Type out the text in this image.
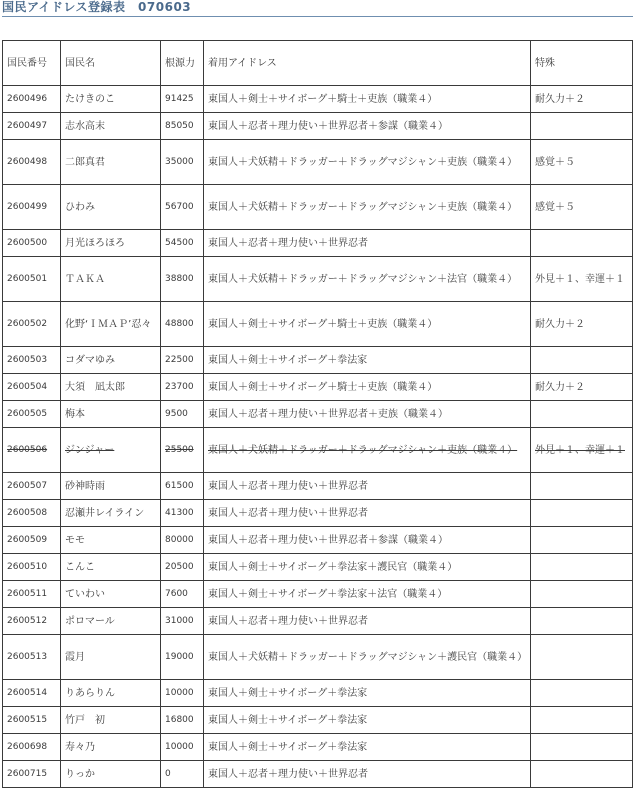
国民アイドレス登録表　070603
国民番号	国民名	根源力	着用アイドレス	特殊
2600496	たけきのこ	91425	東国人＋剣士＋サイボーグ＋騎士＋吏族（職業４）	耐久力＋２
2600497	志水高末	85050	東国人＋忍者＋理力使い＋世界忍者＋参謀（職業４）	
2600498	二郎真君	35000	東国人＋犬妖精＋ドラッガー＋ドラッグマジシャン＋吏族（職業４）	感覚＋５
2600499	ひわみ	56700	東国人＋犬妖精＋ドラッガー＋ドラッグマジシャン＋吏族（職業４）	感覚＋５
2600500	月光ほろほろ	54500	東国人＋忍者＋理力使い＋世界忍者	
2600501	ＴＡＫＡ	38800	東国人＋犬妖精＋ドラッガー＋ドラッグマジシャン＋法官（職業４）	外見＋１、幸運＋１
2600502	化野‘ＩＭＡＰ’忍々	48800	東国人＋剣士＋サイボーグ＋騎士＋吏族（職業４）	耐久力＋２
2600503	コダマゆみ	22500	東国人＋剣士＋サイボーグ＋拳法家	
2600504	大須　凪太郎	23700	東国人＋剣士＋サイボーグ＋騎士＋吏族（職業４）	耐久力＋２
2600505	梅本	9500	東国人＋忍者＋理力使い＋世界忍者＋吏族（職業４）	
2600506	ジンジャー	25500	東国人＋犬妖精＋ドラッガー＋ドラッグマジシャン＋吏族（職業４）	外見＋１、幸運＋１
2600507	砂神時雨	61500	東国人＋忍者＋理力使い＋世界忍者	
2600508	忍瀬井レイライン	41300	東国人＋忍者＋理力使い＋世界忍者	
2600509	モモ	80000	東国人＋忍者＋理力使い＋世界忍者＋参謀（職業４）	
2600510	こんこ	20500	東国人＋剣士＋サイボーグ＋拳法家＋護民官（職業４）	
2600511	ていわい	7600	東国人＋剣士＋サイボーグ＋拳法家＋法官（職業４）	
2600512	ポロマール	31000	東国人＋忍者＋理力使い＋世界忍者	
2600513	霞月	19000	東国人＋犬妖精＋ドラッガー＋ドラッグマジシャン＋護民官（職業４）	
2600514	りあらりん	10000	東国人＋剣士＋サイボーグ＋拳法家	
2600515	竹戸　初	16800	東国人＋剣士＋サイボーグ＋拳法家	
2600698	寿々乃	10000	東国人＋剣士＋サイボーグ＋拳法家	
2600715	りっか	0	東国人＋忍者＋理力使い＋世界忍者	
